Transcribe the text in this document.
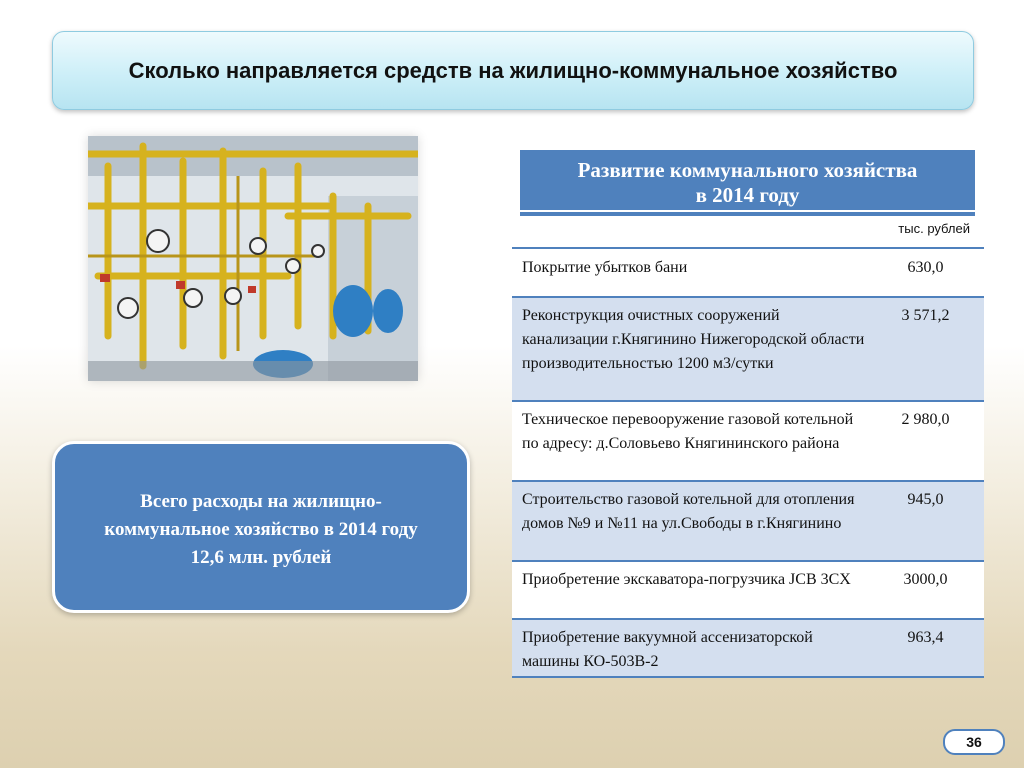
Сколько направляется средств на жилищно-коммунальное хозяйство
Всего расходы на жилищно-
коммунальное хозяйство в 2014 году
12,6 млн. рублей
Развитие коммунального хозяйства
в 2014 году
тыс. рублей
Покрытие убытков бани	630,0
Реконструкция очистных сооружений канализации г.Княгинино Нижегородской области производительностью 1200 м3/сутки	3 571,2
Техническое перевооружение газовой котельной по адресу: д.Соловьево Княгининского района	2 980,0
Строительство газовой котельной для отопления домов №9 и №11 на ул.Свободы в г.Княгинино	945,0
Приобретение экскаватора-погрузчика JCB 3CX	3000,0
Приобретение вакуумной ассенизаторской машины КО-503В-2	963,4
36
